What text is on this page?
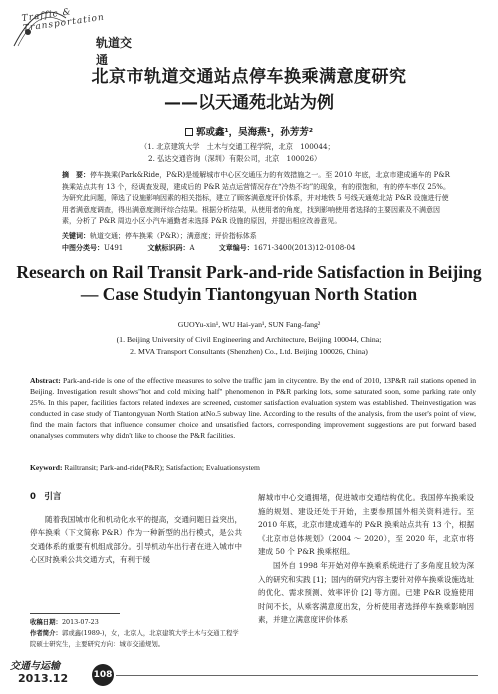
Traffic & Transportation
轨道交通
北京市轨道交通站点停车换乘满意度研究
——以天通苑北站为例
郭或鑫¹，吴海燕¹，孙芳芳²
（1. 北京建筑大学　土木与交通工程学院，北京　100044；
2. 弘达交通咨询（深圳）有限公司，北京　100026）
摘　要：停车换乘(Park&Ride，P&R)是缓解城市中心区交通压力的有效措施之一。至 2010 年底，北京市建成通车的 P&R 换乘站点共有 13 个，经调查发现，建成后的 P&R 站点运营情况存在“冷热不均”的现象，有的很饱和，有的停车率仅 25%。为研究此问题，筛选了设施影响因素的相关指标，建立了顾客满意度评价体系，并对地铁 5 号线天通苑北站 P&R 设施进行使用者满意度调查，得出满意度测评综合结果。根据分析结果，从使用者的角度，找到影响使用者选择的主要因素及不满意因素，分析了 P&R 周边小区小汽车通勤者未选择 P&R 设施的原因，并提出相应改善意见。
关键词：轨道交通；停车换乘（P&R）；满意度；评价指标体系
中图分类号：U491	文献标识码：A	文章编号：1671-3400(2013)12-0108-04
Research on Rail Transit Park-and-ride Satisfaction in Beijing
— Case Studyin Tiantongyuan North Station
GUOYu-xin¹, WU Hai-yan¹, SUN Fang-fang²
(1. Beijing University of Civil Engineering and Architecture, Beijing 100044, China;
2. MVA Transport Consultants (Shenzhen) Co., Ltd. Beijing 100026, China)
Abstract: Park-and-ride is one of the effective measures to solve the traffic jam in citycentre. By the end of 2010, 13P&R rail stations opened in Beijing. Investigation result shows"hot and cold mixing half" phenomenon in P&R parking lots, some saturated soon, some parking rate only 25%. In this paper, facilities factors related indexes are screened, customer satisfaction evaluation system was established. Theinvestigation was conducted in case study of Tiantongyuan North Station atNo.5 subway line. According to the results of the analysis, from the user's point of view, find the main factors that influence consumer choice and unsatisfied factors, corresponding improvement suggestions are put forward based onanalyses commuters why didn't like to choose the P&R facilities.
Keyword: Railtransit; Park-and-ride(P&R); Satisfaction; Evaluationsystem
0　引言
随着我国城市化和机动化水平的提高，交通问题日益突出，停车换乘（下文简称 P&R）作为一种新型的出行模式，是公共交通体系的重要有机组成部分。引导机动车出行者在进入城市中心区时换乘公共交通方式，有利于缓
解城市中心交通拥堵，促进城市交通结构优化。我国停车换乘设施的规划、建设还处于开始，主要参照国外相关资料进行。至 2010 年底，北京市建成通车的 P&R 换乘站点共有 13 个，根据《北京市总体规划》（2004 ～ 2020），至 2020 年，北京市将建成 50 个 P&R 换乘枢纽。
国外自 1998 年开始对停车换乘系统进行了多角度且较为深入的研究和实践 [1]；国内的研究内容主要针对停车换乘设施选址的优化、需求预测、效率评价 [2] 等方面。已建 P&R 设施使用时间不长，从乘客满意度出发，分析使用者选择停车换乘影响因素，并建立满意度评价体系
收稿日期：2013-07-23
作者简介：郭或鑫(1989-)，女，北京人，北京建筑大学土木与交通工程学院硕士研究生，主要研究方向：城市交通规划。
交通与运输
2013.12	108
